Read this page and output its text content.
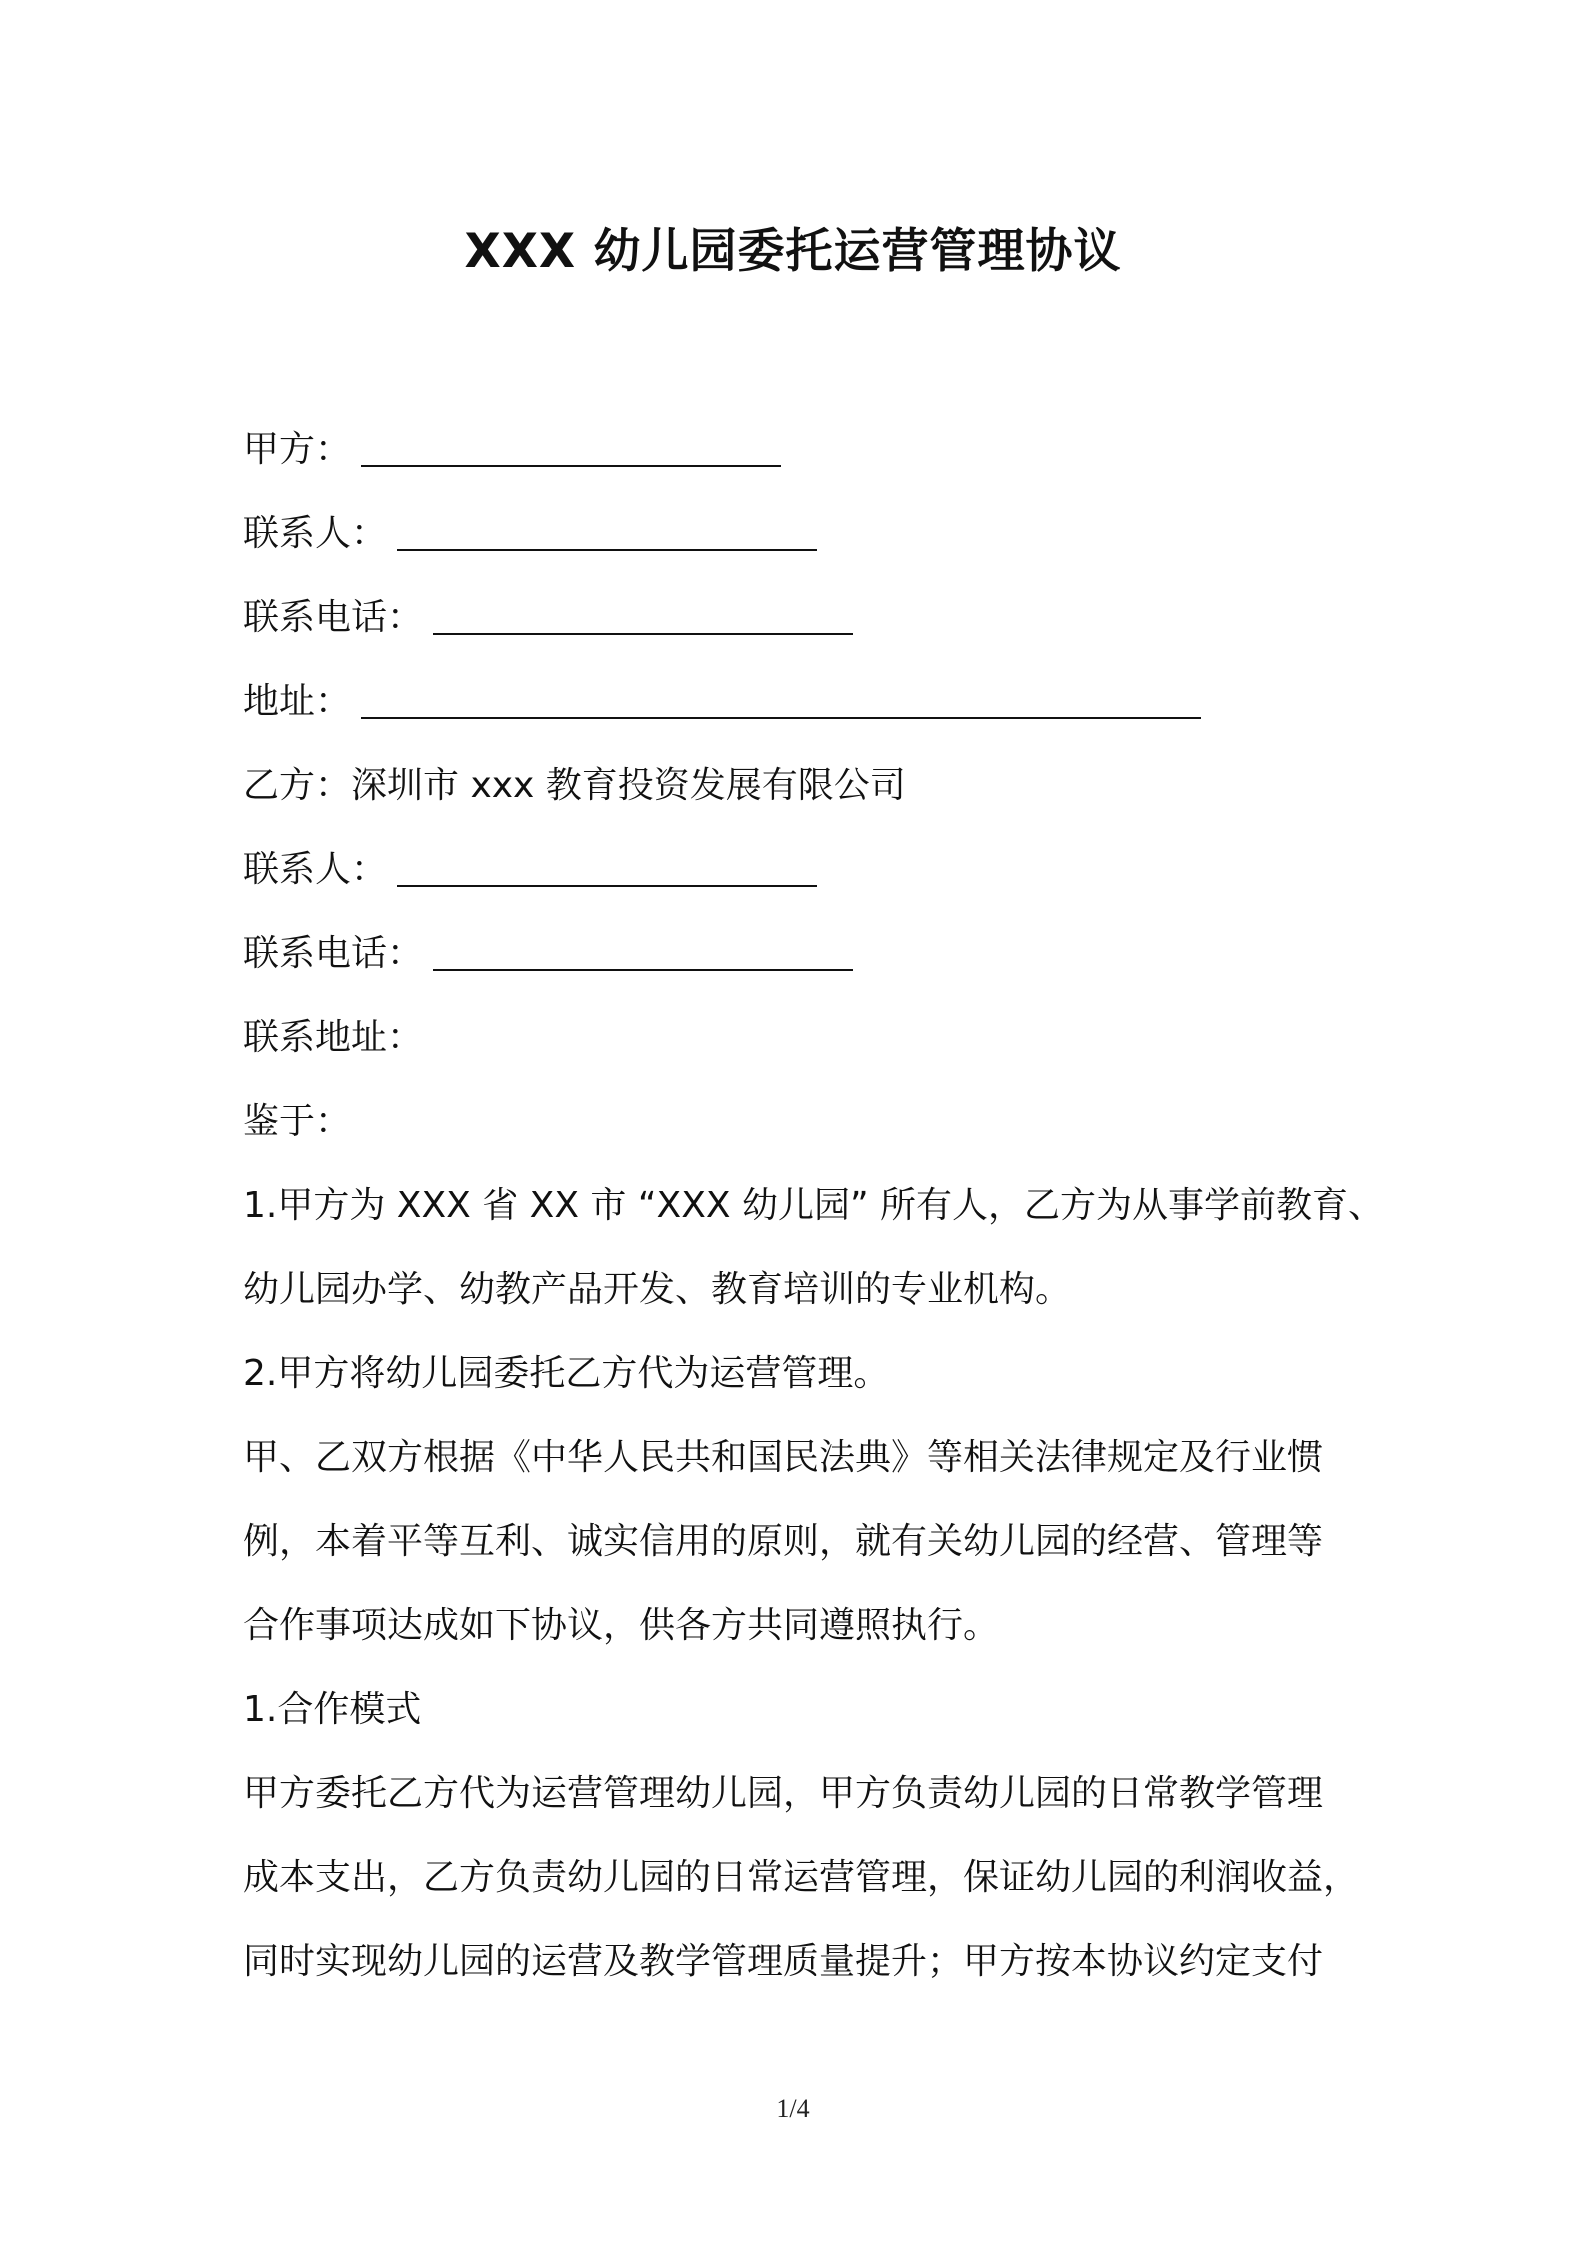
XXX 幼儿园委托运营管理协议
甲方：
联系人：
联系电话：
地址：
乙方：深圳市 xxx 教育投资发展有限公司
联系人：
联系电话：
联系地址：
鉴于：
1.甲方为 XXX 省 XX 市 “XXX 幼儿园” 所有人，乙方为从事学前教育、
幼儿园办学、幼教产品开发、教育培训的专业机构。
2.甲方将幼儿园委托乙方代为运营管理。
甲、乙双方根据《中华人民共和国民法典》等相关法律规定及行业惯
例，本着平等互利、诚实信用的原则，就有关幼儿园的经营、管理等
合作事项达成如下协议，供各方共同遵照执行。
1.合作模式
甲方委托乙方代为运营管理幼儿园，甲方负责幼儿园的日常教学管理
成本支出，乙方负责幼儿园的日常运营管理，保证幼儿园的利润收益，
同时实现幼儿园的运营及教学管理质量提升；甲方按本协议约定支付
1/4
